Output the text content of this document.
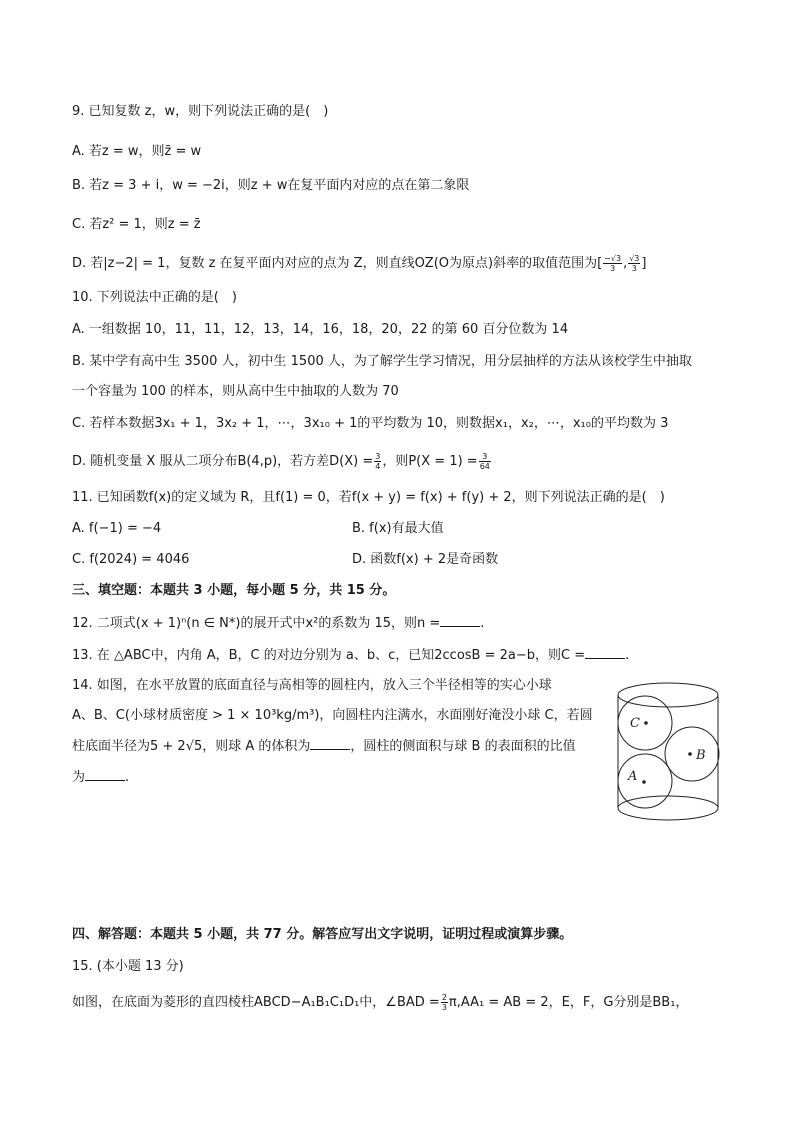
9. 已知复数 z，w，则下列说法正确的是(　)
A. 若z = w，则z̄ = w
B. 若z = 3 + i，w = −2i，则z + w在复平面内对应的点在第二象限
C. 若z² = 1，则z = z̄
D. 若|z−2| = 1，复数 z 在复平面内对应的点为 Z，则直线OZ(O为原点)斜率的取值范围为[ $\frac{-√3}{3}$ , $\frac{√3}{3}$ ]
10. 下列说法中正确的是(　)
A. 一组数据 10，11，11，12，13，14，16，18，20，22 的第 60 百分位数为 14
B. 某中学有高中生 3500 人，初中生 1500 人，为了解学生学习情况，用分层抽样的方法从该校学生中抽取
一个容量为 100 的样本，则从高中生中抽取的人数为 70
C. 若样本数据3x₁ + 1，3x₂ + 1，⋯，3x₁₀ + 1的平均数为 10，则数据x₁，x₂，⋯，x₁₀的平均数为 3
D. 随机变量 X 服从二项分布B(4,p)，若方差$D(X) = \frac{3}{4}$ ，则$P(X = 1) = \frac{3}{64}$
11. 已知函数f(x)的定义域为 R，且f(1) = 0，若f(x + y) = f(x) + f(y) + 2，则下列说法正确的是(　)
A. f(−1) = −4	B. f(x)有最大值
C. f(2024) = 4046	D. 函数f(x) + 2是奇函数
三、填空题：本题共 3 小题，每小题 5 分，共 15 分。
12. 二项式(x + 1)ⁿ(n ∈ N*)的展开式中x²的系数为 15，则n =	.
13. 在 △ABC中，内角 A，B，C 的对边分别为 a、b、c，已知2ccosB = 2a−b，则C =	.
14. 如图，在水平放置的底面直径与高相等的圆柱内，放入三个半径相等的实心小球
A、B、C(小球材质密度 > 1 × 10³kg/m³)，向圆柱内注满水，水面刚好淹没小球 C，若圆
柱底面半径为5 + 2√5，则球 A 的体积为	，圆柱的侧面积与球 B 的表面积的比值
为	.
C
B
A
四、解答题：本题共 5 小题，共 77 分。解答应写出文字说明，证明过程或演算步骤。
15. (本小题 13 分)
如图，在底面为菱形的直四棱柱ABCD−A₁B₁C₁D₁中，∠BAD = $\frac{2}{3} \pi,AA_1$ = AB = 2，E，F，G分别是BB₁，
